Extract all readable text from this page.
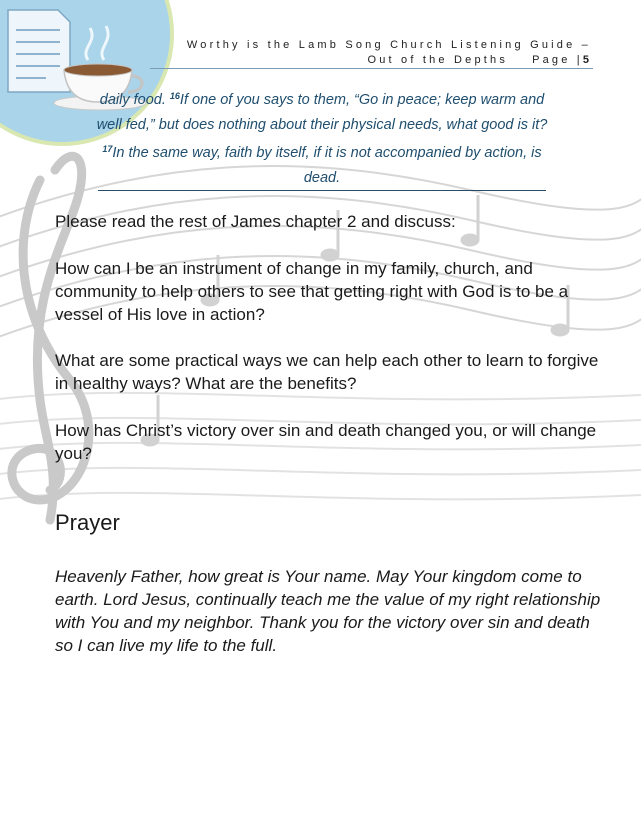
Worthy is the Lamb Song Church Listening Guide –
Out of the Depths Page |5
daily food. $^{16}$If one of you says to them, “Go in peace; keep warm and well fed,” but does nothing about their physical needs, what good is it? $^{17}$In the same way, faith by itself, if it is not accompanied by action, is dead.
Please read the rest of James chapter 2 and discuss:
How can I be an instrument of change in my family, church, and community to help others to see that getting right with God is to be a vessel of His love in action?
What are some practical ways we can help each other to learn to forgive in healthy ways? What are the benefits?
How has Christ’s victory over sin and death changed you, or will change you?
Prayer
Heavenly Father, how great is Your name. May Your kingdom come to earth. Lord Jesus, continually teach me the value of my right relationship with You and my neighbor. Thank you for the victory over sin and death so I can live my life to the full.
